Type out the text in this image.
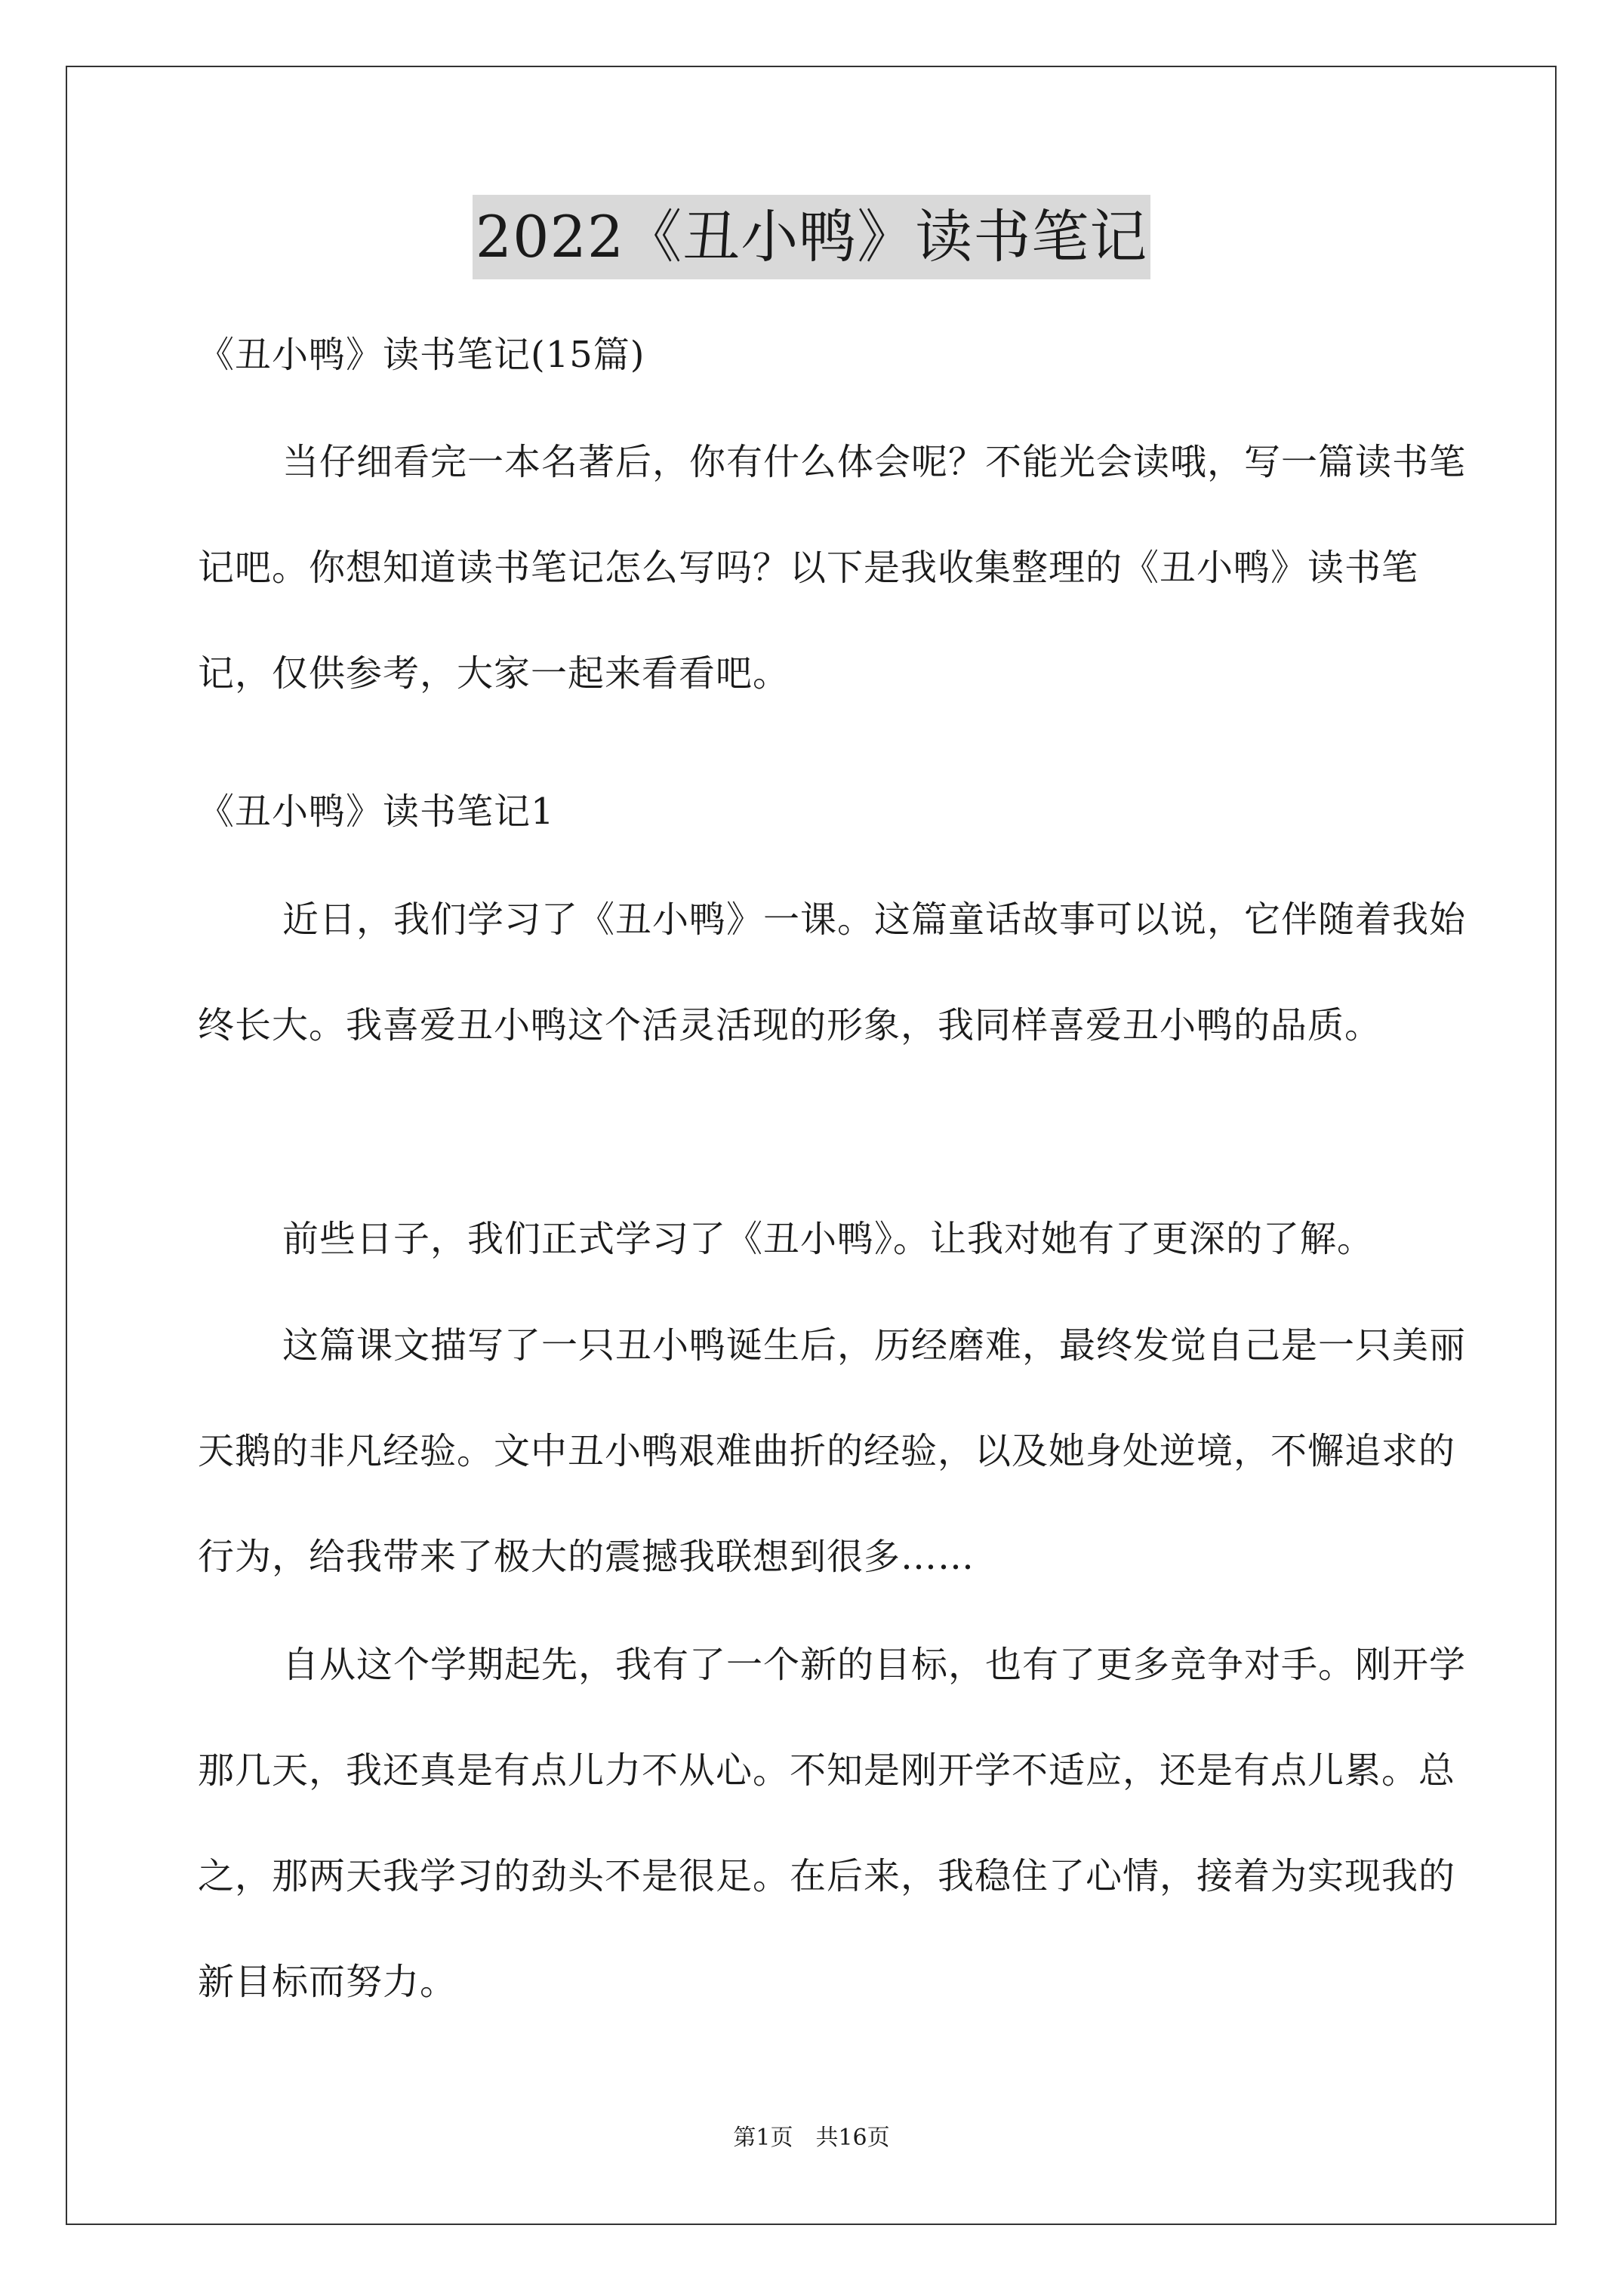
2022《丑小鸭》读书笔记

《丑小鸭》读书笔记(15篇)

当仔细看完一本名著后，你有什么体会呢？不能光会读哦，写一篇读书笔记吧。你想知道读书笔记怎么写吗？以下是我收集整理的《丑小鸭》读书笔记，仅供参考，大家一起来看看吧。

《丑小鸭》读书笔记1

近日，我们学习了《丑小鸭》一课。这篇童话故事可以说，它伴随着我始终长大。我喜爱丑小鸭这个活灵活现的形象，我同样喜爱丑小鸭的品质。

前些日子，我们正式学习了《丑小鸭》。让我对她有了更深的了解。

这篇课文描写了一只丑小鸭诞生后，历经磨难，最终发觉自己是一只美丽天鹅的非凡经验。文中丑小鸭艰难曲折的经验，以及她身处逆境，不懈追求的行为，给我带来了极大的震撼我联想到很多……

自从这个学期起先，我有了一个新的目标，也有了更多竞争对手。刚开学那几天，我还真是有点儿力不从心。不知是刚开学不适应，还是有点儿累。总之，那两天我学习的劲头不是很足。在后来，我稳住了心情，接着为实现我的新目标而努力。

第1页　共16页
